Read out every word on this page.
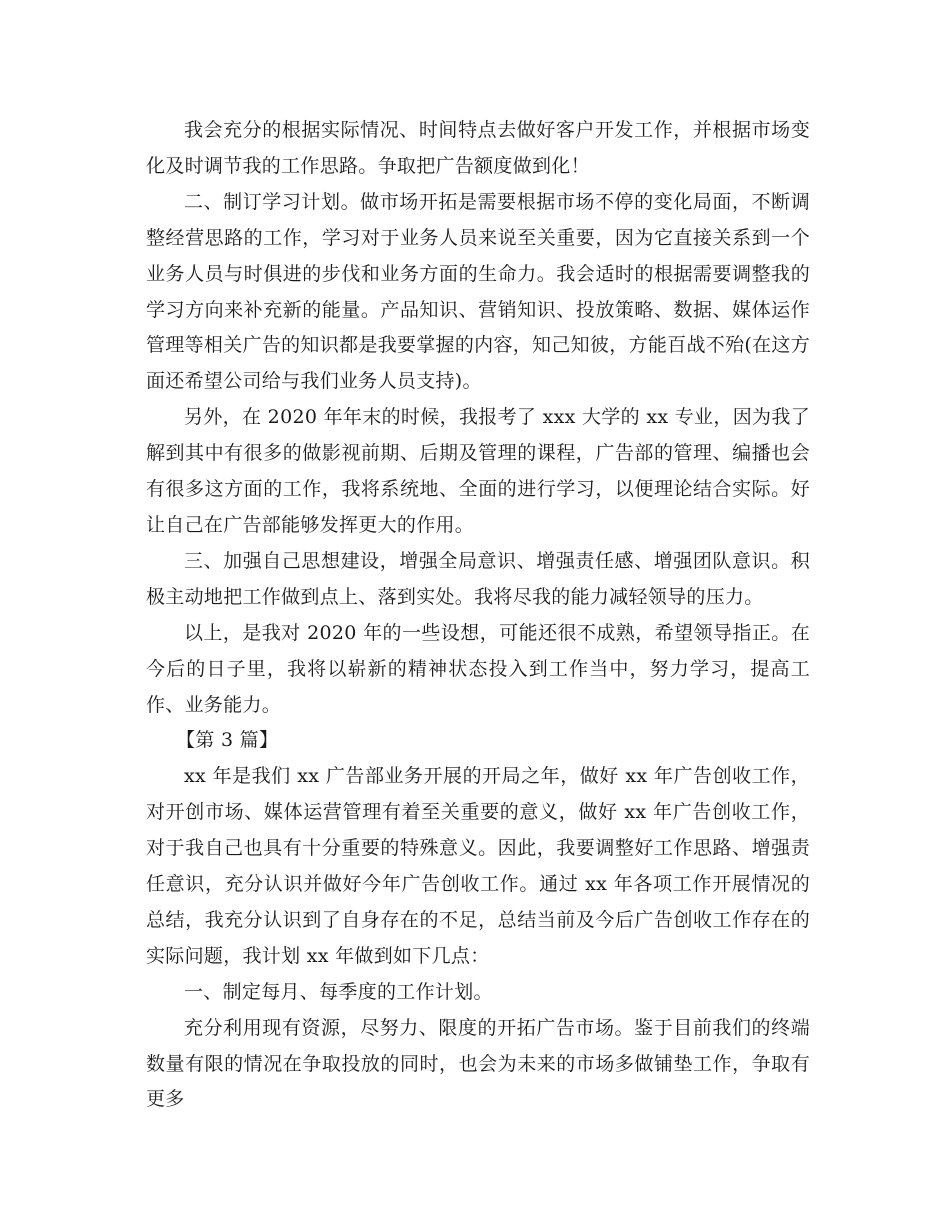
我会充分的根据实际情况、时间特点去做好客户开发工作，并根据市场变化及时调节我的工作思路。争取把广告额度做到化！

二、制订学习计划。做市场开拓是需要根据市场不停的变化局面，不断调整经营思路的工作，学习对于业务人员来说至关重要，因为它直接关系到一个业务人员与时俱进的步伐和业务方面的生命力。我会适时的根据需要调整我的学习方向来补充新的能量。产品知识、营销知识、投放策略、数据、媒体运作管理等相关广告的知识都是我要掌握的内容，知己知彼，方能百战不殆(在这方面还希望公司给与我们业务人员支持)。

另外，在 2020 年年末的时候，我报考了 xxx 大学的 xx 专业，因为我了解到其中有很多的做影视前期、后期及管理的课程，广告部的管理、编播也会有很多这方面的工作，我将系统地、全面的进行学习，以便理论结合实际。好让自己在广告部能够发挥更大的作用。

三、加强自己思想建设，增强全局意识、增强责任感、增强团队意识。积极主动地把工作做到点上、落到实处。我将尽我的能力减轻领导的压力。

以上，是我对 2020 年的一些设想，可能还很不成熟，希望领导指正。在今后的日子里，我将以崭新的精神状态投入到工作当中，努力学习，提高工作、业务能力。

【第 3 篇】

xx 年是我们 xx 广告部业务开展的开局之年，做好 xx 年广告创收工作，对开创市场、媒体运营管理有着至关重要的意义，做好 xx 年广告创收工作，对于我自己也具有十分重要的特殊意义。因此，我要调整好工作思路、增强责任意识，充分认识并做好今年广告创收工作。通过 xx 年各项工作开展情况的总结，我充分认识到了自身存在的不足，总结当前及今后广告创收工作存在的实际问题，我计划 xx 年做到如下几点：

一、制定每月、每季度的工作计划。

充分利用现有资源，尽努力、限度的开拓广告市场。鉴于目前我们的终端数量有限的情况在争取投放的同时，也会为未来的市场多做铺垫工作，争取有更多
